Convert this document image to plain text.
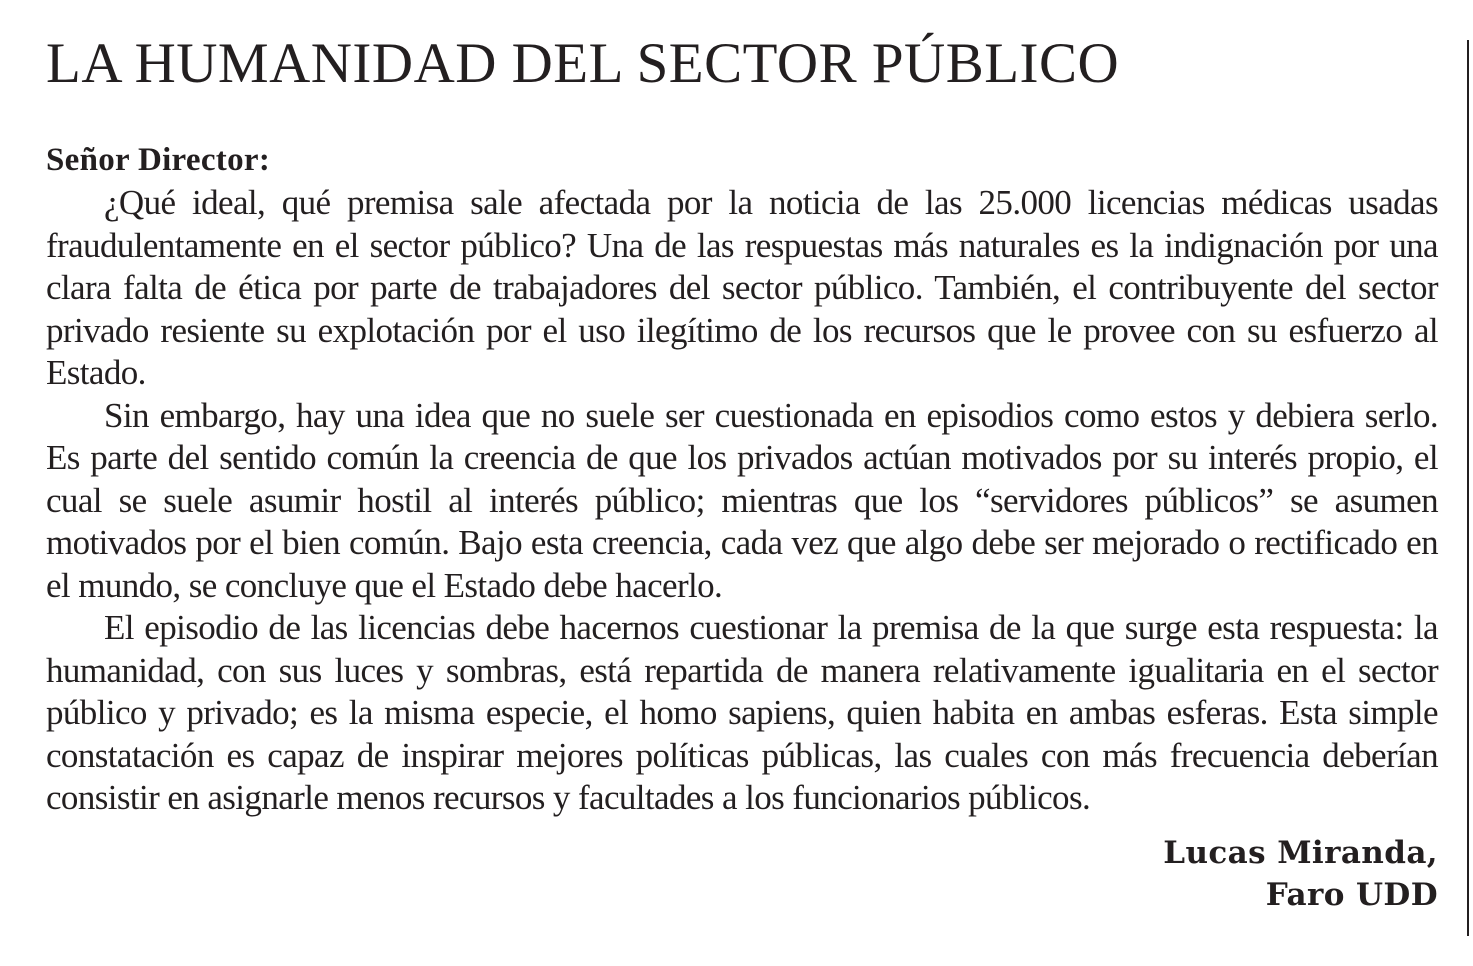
LA HUMANIDAD DEL SECTOR PÚBLICO
Señor Director:

¿Qué ideal, qué premisa sale afectada por la noticia de las 25.000 licencias médicas usadas fraudulentamente en el sector público? Una de las respuestas más naturales es la indignación por una clara falta de ética por parte de trabajadores del sector público. También, el contribuyente del sector privado resiente su explotación por el uso ilegítimo de los recursos que le provee con su esfuerzo al Estado.

Sin embargo, hay una idea que no suele ser cuestionada en episodios como estos y debiera serlo. Es parte del sentido común la creencia de que los privados actúan motivados por su interés propio, el cual se suele asumir hostil al interés público; mientras que los “servidores públicos” se asumen motivados por el bien común. Bajo esta creencia, cada vez que algo debe ser mejorado o rectificado en el mundo, se concluye que el Estado debe hacerlo.

El episodio de las licencias debe hacernos cuestionar la premisa de la que surge esta respuesta: la humanidad, con sus luces y sombras, está repartida de manera relativamente igualitaria en el sector público y privado; es la misma especie, el homo sapiens, quien habita en ambas esferas. Esta simple constatación es capaz de inspirar mejores políticas públicas, las cuales con más frecuencia deberían consistir en asignarle menos recursos y facultades a los funcionarios públicos.

Lucas Miranda,
Faro UDD
